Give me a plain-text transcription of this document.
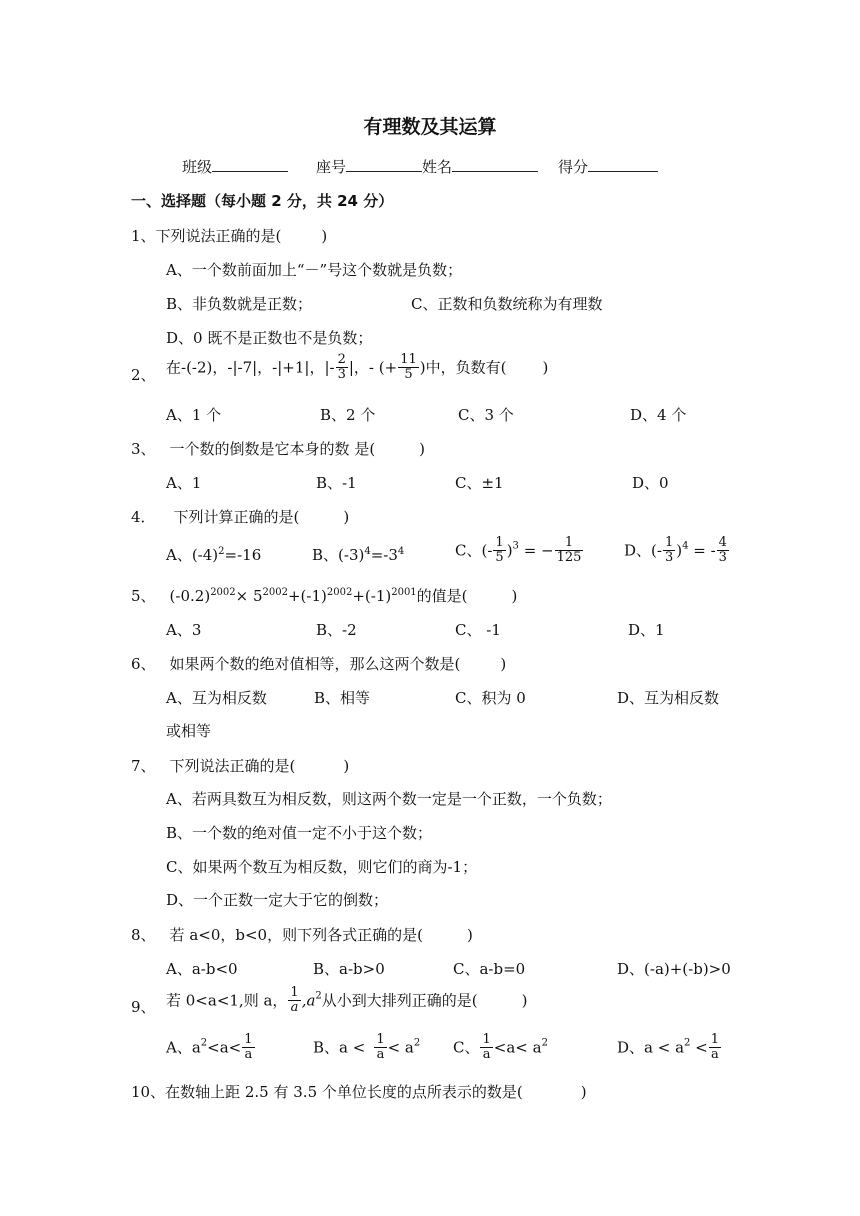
有理数及其运算
班级	座号	姓名	得分
一、选择题（每小题 2 分，共 24 分）
1、下列说法正确的是(	)
A、一个数前面加上“－”号这个数就是负数；
B、非负数就是正数；	C、正数和负数统称为有理数
D、0 既不是正数也不是负数；
2、 在-(-2)，-|-7|，-|+1|，|- $\frac{2}{3}$ |，- (+ $\frac{11}{5}$ )中，负数有( )
A、1 个	B、2 个	C、3 个	D、4 个
3、 一个数的倒数是它本身的数 是(	)
A、1	B、-1	C、±1	D、0
4． 下列计算正确的是(	)
A、$(-4)^2=-16$	B、$(-3)^4=-3^4$	C、(- $\frac{1}{5} )^3$ = − $\frac{1}{125}$	D、(- $\frac{1}{3} )^4$ = - $\frac{4}{3}$
5、 $(-0.2)^{2002}\times 5^{2002}+(-1)^{2002}+(-1)^{2001}$的值是(	)
A、3	B、-2	C、 -1	D、1
6、 如果两个数的绝对值相等，那么这两个数是(	)
A、互为相反数	B、相等	C、积为 0	D、互为相反数
或相等
7、 下列说法正确的是(	)
A、若两具数互为相反数，则这两个数一定是一个正数，一个负数；
B、一个数的绝对值一定不小于这个数；
C、如果两个数互为相反数，则它们的商为-1；
D、一个正数一定大于它的倒数；
8、 若 a<0，b<0，则下列各式正确的是(	)
A、a-b<0	B、a-b>0	C、a-b=0	D、(-a)+(-b)>0
9、 若 0<a<1,则 a， $\frac{1}{a} ,a^2$从小到大排列正确的是(	)
A、$a^2<a< \frac{1}{a}$	B、$a < \frac{1}{a} < a^2$ C、 $\frac{1}{a} <a< a^2$	D、$a < a^2 < \frac{1}{a}$
10、在数轴上距 2.5 有 3.5 个单位长度的点所表示的数是(	)
